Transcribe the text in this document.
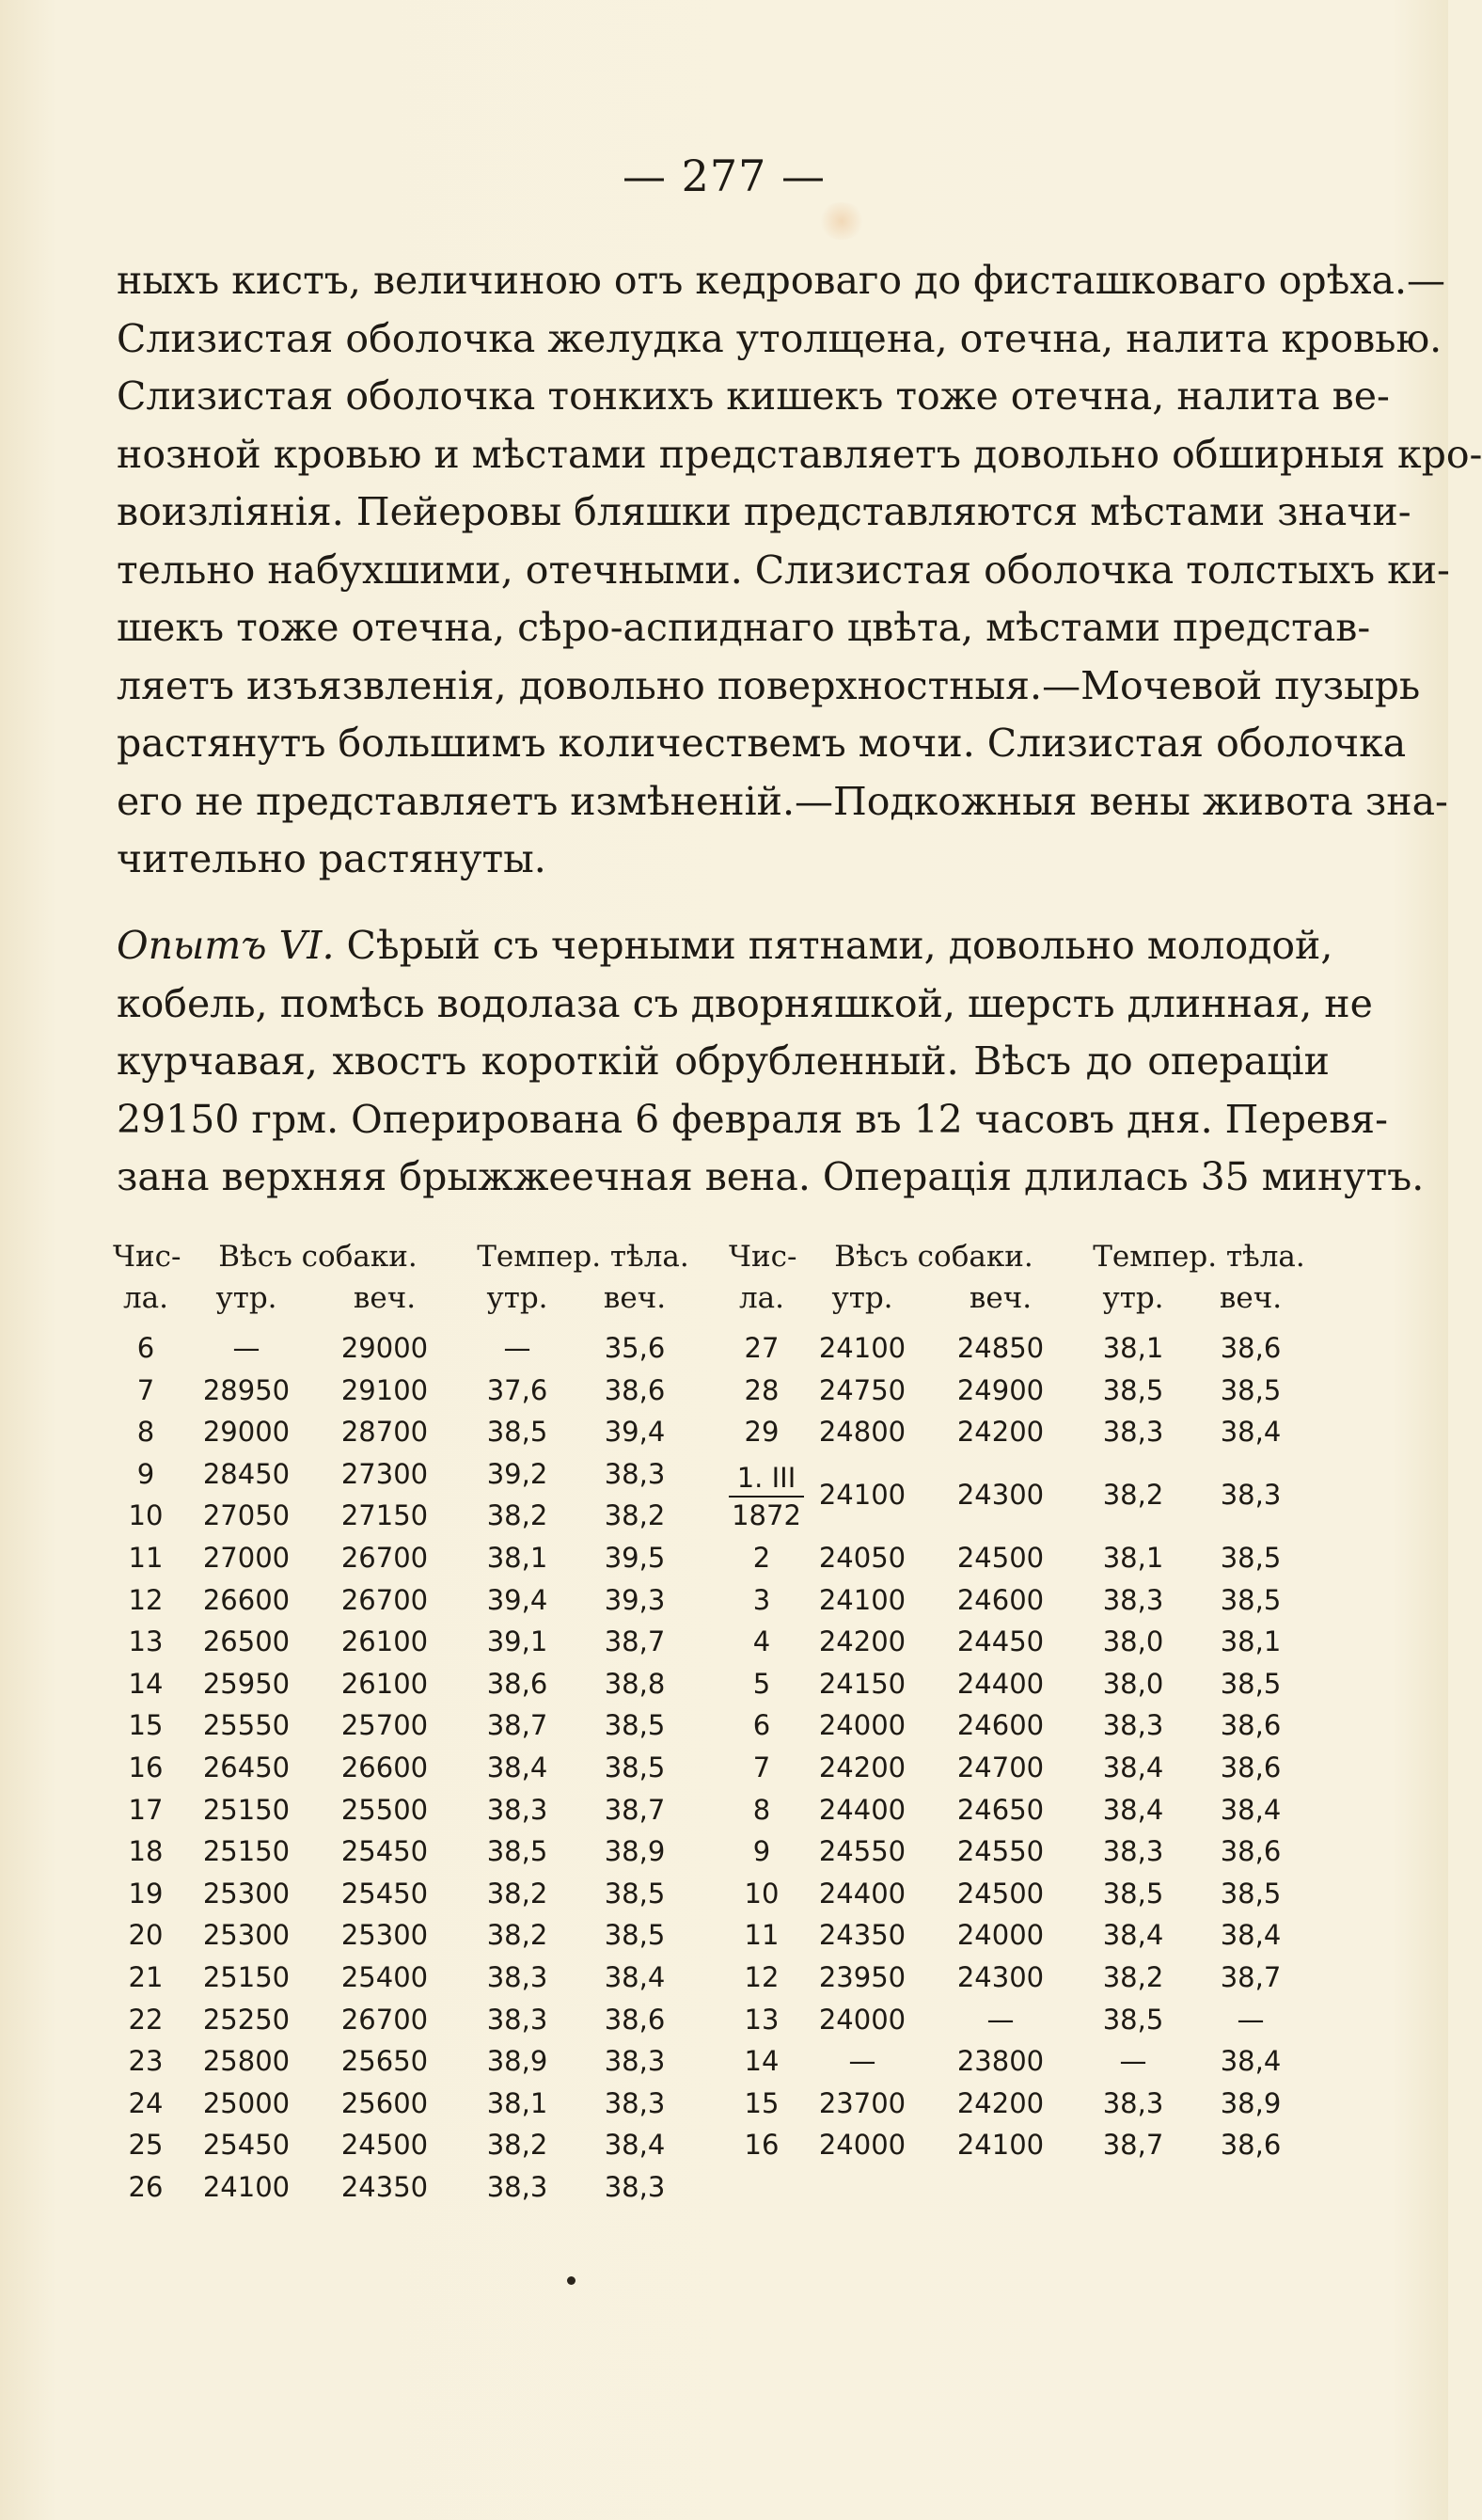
— 277 —
ныхъ кистъ, величиною отъ кедроваго до фисташковаго орѣха.—
Слизистая оболочка желудка утолщена, отечна, налита кровью.
Слизистая оболочка тонкихъ кишекъ тоже отечна, налита ве-
нозной кровью и мѣстами представляетъ довольно обширныя кро-
воизліянія. Пейеровы бляшки представляются мѣстами значи-
тельно набухшими, отечными. Слизистая оболочка толстыхъ ки-
шекъ тоже отечна, сѣро-аспиднаго цвѣта, мѣстами представ-
ляетъ изъязвленія, довольно поверхностныя.—Мочевой пузырь
растянутъ большимъ количествемъ мочи. Слизистая оболочка
его не представляетъ измѣненій.—Подкожныя вены живота зна-
чительно растянуты.
Опытъ VI. Сѣрый съ черными пятнами, довольно молодой,
кобель, помѣсь водолаза съ дворняшкой, шерсть длинная, не
курчавая, хвостъ короткій обрубленный. Вѣсъ до операціи
29150 грм. Оперирована 6 февраля въ 12 часовъ дня. Перевя-
зана верхняя брыжжеечная вена. Операція длилась 35 минутъ.
Чис-
ла.
Вѣсъ собаки.
утр.	веч.
Темпер. тѣла.
утр.	веч.
Чис-
ла.
Вѣсъ собаки.
утр.	веч.
Темпер. тѣла.
утр.	веч.
6	—	29000	—	35,6
7	28950	29100	37,6	38,6
8	29000	28700	38,5	39,4
9	28450	27300	39,2	38,3
10	27050	27150	38,2	38,2
11	27000	26700	38,1	39,5
12	26600	26700	39,4	39,3
13	26500	26100	39,1	38,7
14	25950	26100	38,6	38,8
15	25550	25700	38,7	38,5
16	26450	26600	38,4	38,5
17	25150	25500	38,3	38,7
18	25150	25450	38,5	38,9
19	25300	25450	38,2	38,5
20	25300	25300	38,2	38,5
21	25150	25400	38,3	38,4
22	25250	26700	38,3	38,6
23	25800	25650	38,9	38,3
24	25000	25600	38,1	38,3
25	25450	24500	38,2	38,4
26	24100	24350	38,3	38,3
27	24100	24850	38,1	38,6
28	24750	24900	38,5	38,5
29	24800	24200	38,3	38,4
1. III
1872
24100	24300	38,2	38,3
2	24050	24500	38,1	38,5
3	24100	24600	38,3	38,5
4	24200	24450	38,0	38,1
5	24150	24400	38,0	38,5
6	24000	24600	38,3	38,6
7	24200	24700	38,4	38,6
8	24400	24650	38,4	38,4
9	24550	24550	38,3	38,6
10	24400	24500	38,5	38,5
11	24350	24000	38,4	38,4
12	23950	24300	38,2	38,7
13	24000	—	38,5	—
14	—	23800	—	38,4
15	23700	24200	38,3	38,9
16	24000	24100	38,7	38,6
